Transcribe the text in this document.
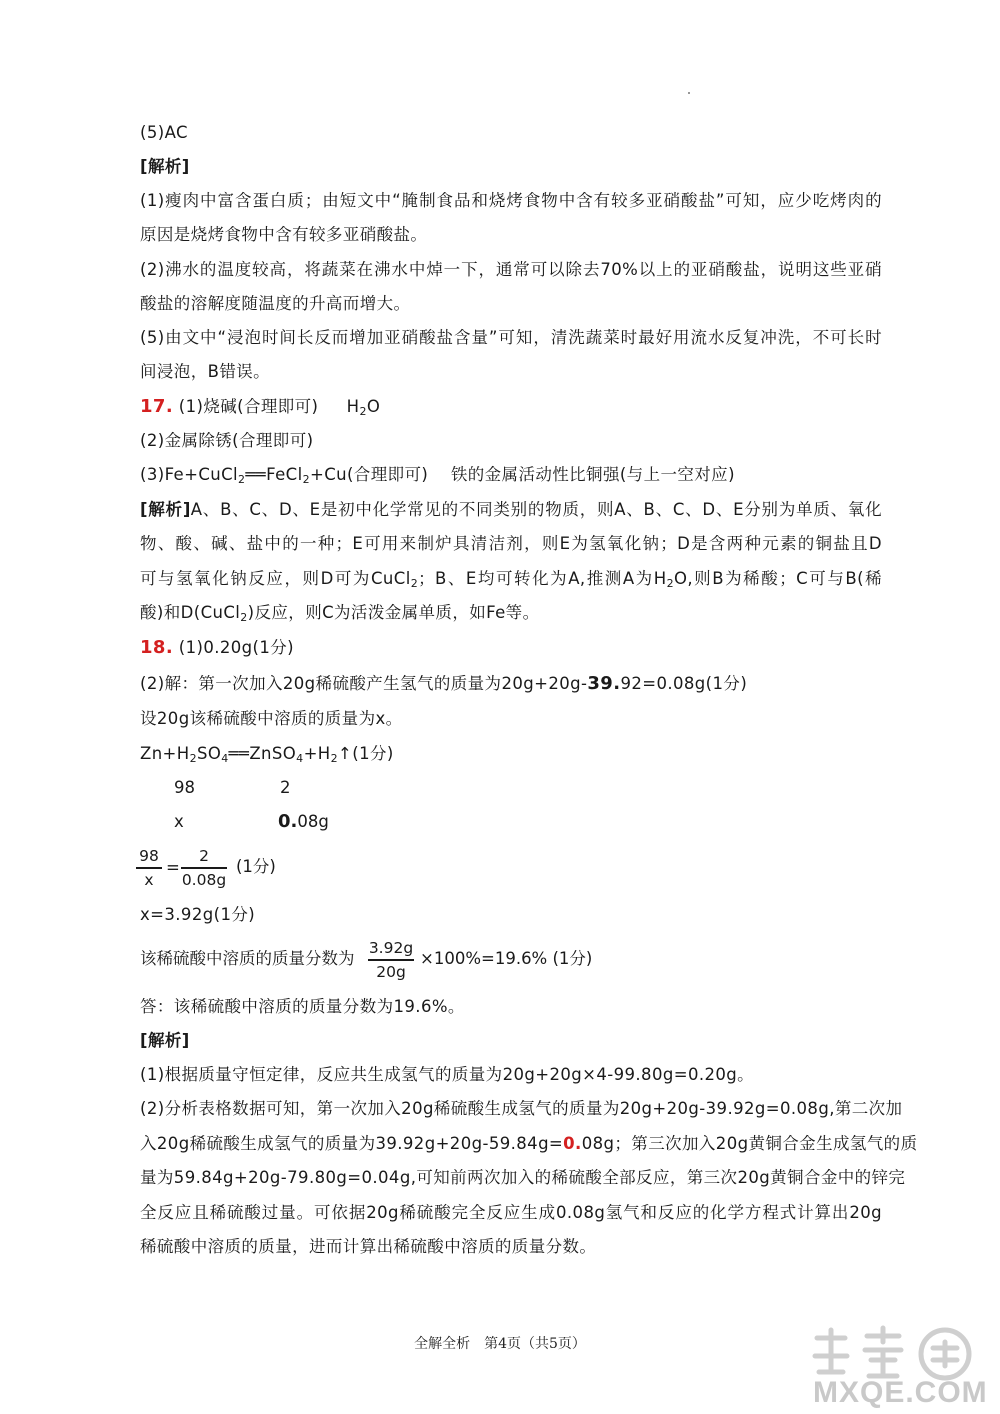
(5)AC
[解析]
(1)瘦肉中富含蛋白质；由短文中“腌制食品和烧烤食物中含有较多亚硝酸盐”可知，应少吃烤肉的
原因是烧烤食物中含有较多亚硝酸盐。
(2)沸水的温度较高，将蔬菜在沸水中焯一下，通常可以除去70%以上的亚硝酸盐，说明这些亚硝
酸盐的溶解度随温度的升高而增大。
(5)由文中“浸泡时间长反而增加亚硝酸盐含量”可知，清洗蔬菜时最好用流水反复冲洗，不可长时
间浸泡，B错误。
17. (1)烧碱(合理即可) $H_2O$
(2)金属除锈(合理即可)
(3)Fe+CuCl$_2$══FeCl$_2$+Cu(合理即可) 铁的金属活动性比铜强(与上一空对应)
[解析]A、B、C、D、E是初中化学常见的不同类别的物质，则A、B、C、D、E分别为单质、氧化
物、酸、碱、盐中的一种；E可用来制炉具清洁剂，则E为氢氧化钠；D是含两种元素的铜盐且D
可与氢氧化钠反应，则D可为CuCl$_2$；B、E均可转化为A,推测A为$H_2O$,则B为稀酸；C可与B(稀
酸)和D(CuCl$_2$)反应，则C为活泼金属单质，如Fe等。
18. (1)0.20g(1分)
(2)解：第一次加入20g稀硫酸产生氢气的质量为20g+20g-39.92=0.08g(1分)
设20g该稀硫酸中溶质的质量为x。
$Zn+H_2SO_4══ZnSO_4+H_2↑(1$分)
98	2
x	0.08g
98
x
=
2
0.08g
(1分)
x=3.92g(1分)
该稀硫酸中溶质的质量分数为
3.92g
20g
×100%=19.6% (1分)
答：该稀硫酸中溶质的质量分数为19.6%。
[解析]
(1)根据质量守恒定律，反应共生成氢气的质量为20g+20g×4-99.80g=0.20g。
(2)分析表格数据可知，第一次加入20g稀硫酸生成氢气的质量为20g+20g-39.92g=0.08g,第二次加
入20g稀硫酸生成氢气的质量为39.92g+20g-59.84g=0.08g；第三次加入20g黄铜合金生成氢气的质
量为59.84g+20g-79.80g=0.04g,可知前两次加入的稀硫酸全部反应，第三次20g黄铜合金中的锌完
全反应且稀硫酸过量。可依据20g稀硫酸完全反应生成0.08g氢气和反应的化学方程式计算出20g
稀硫酸中溶质的质量，进而计算出稀硫酸中溶质的质量分数。
全解全析　第4页（共5页）
MXQE.COM
